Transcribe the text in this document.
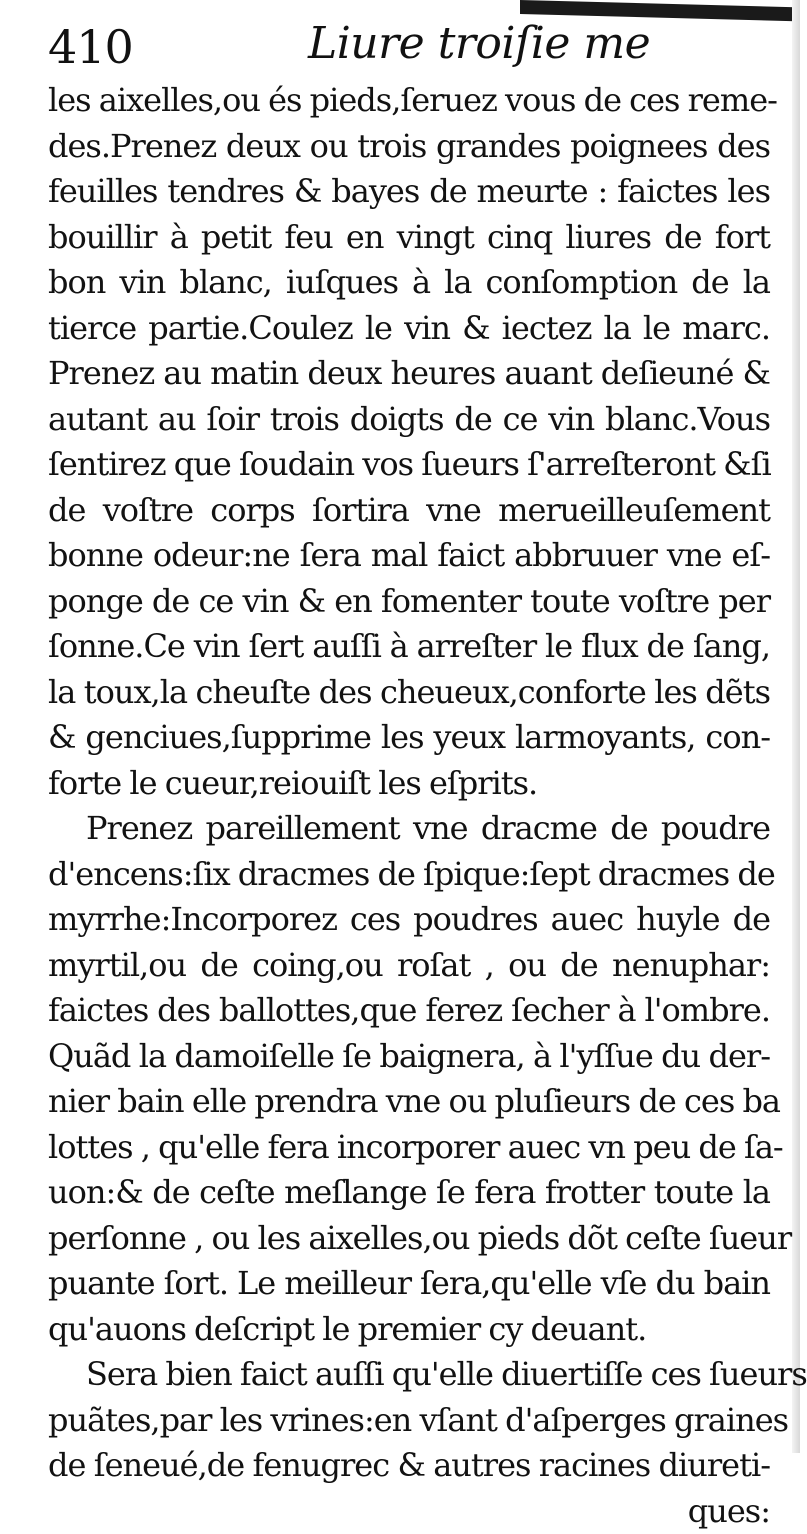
410	Liure troiſie me
les aixelles,ou és pieds,ſeruez vous de ces reme-
des.Prenez deux ou trois grandes poignees des
feuilles tendres & bayes de meurte : faictes les
bouillir à petit feu en vingt cinq liures de fort
bon vin blanc, iuſques à la conſomption de la
tierce partie.Coulez le vin & iectez la le marc.
Prenez au matin deux heures auant deſieuné &
autant au ſoir trois doigts de ce vin blanc.Vous
ſentirez que ſoudain vos ſueurs ſ'arreſteront &ſi
de voſtre corps ſortira vne merueilleuſement
bonne odeur:ne ſera mal faict abbruuer vne eſ-
ponge de ce vin & en fomenter toute voſtre per
ſonne.Ce vin ſert auſſi à arreſter le flux de ſang,
la toux,la cheuſte des cheueux,conforte les dẽts
& genciues,ſupprime les yeux larmoyants, con-
forte le cueur,reiouiſt les eſprits.
Prenez pareillement vne dracme de poudre
d'encens:ſix dracmes de ſpique:ſept dracmes de
myrrhe:Incorporez ces poudres auec huyle de
myrtil,ou de coing,ou roſat , ou de nenuphar:
faictes des ballottes,que ferez ſecher à l'ombre.
Quãd la damoiſelle ſe baignera, à l'yſſue du der-
nier bain elle prendra vne ou pluſieurs de ces ba
lottes , qu'elle fera incorporer auec vn peu de ſa-
uon:& de ceſte meſlange ſe fera frotter toute la
perſonne , ou les aixelles,ou pieds dõt ceſte ſueur
puante ſort. Le meilleur ſera,qu'elle vſe du bain
qu'auons deſcript le premier cy deuant.
Sera bien faict auſſi qu'elle diuertiſſe ces ſueurs
puãtes,par les vrines:en vſant d'aſperges graines
de ſeneué,de fenugrec & autres racines diureti-
ques:
